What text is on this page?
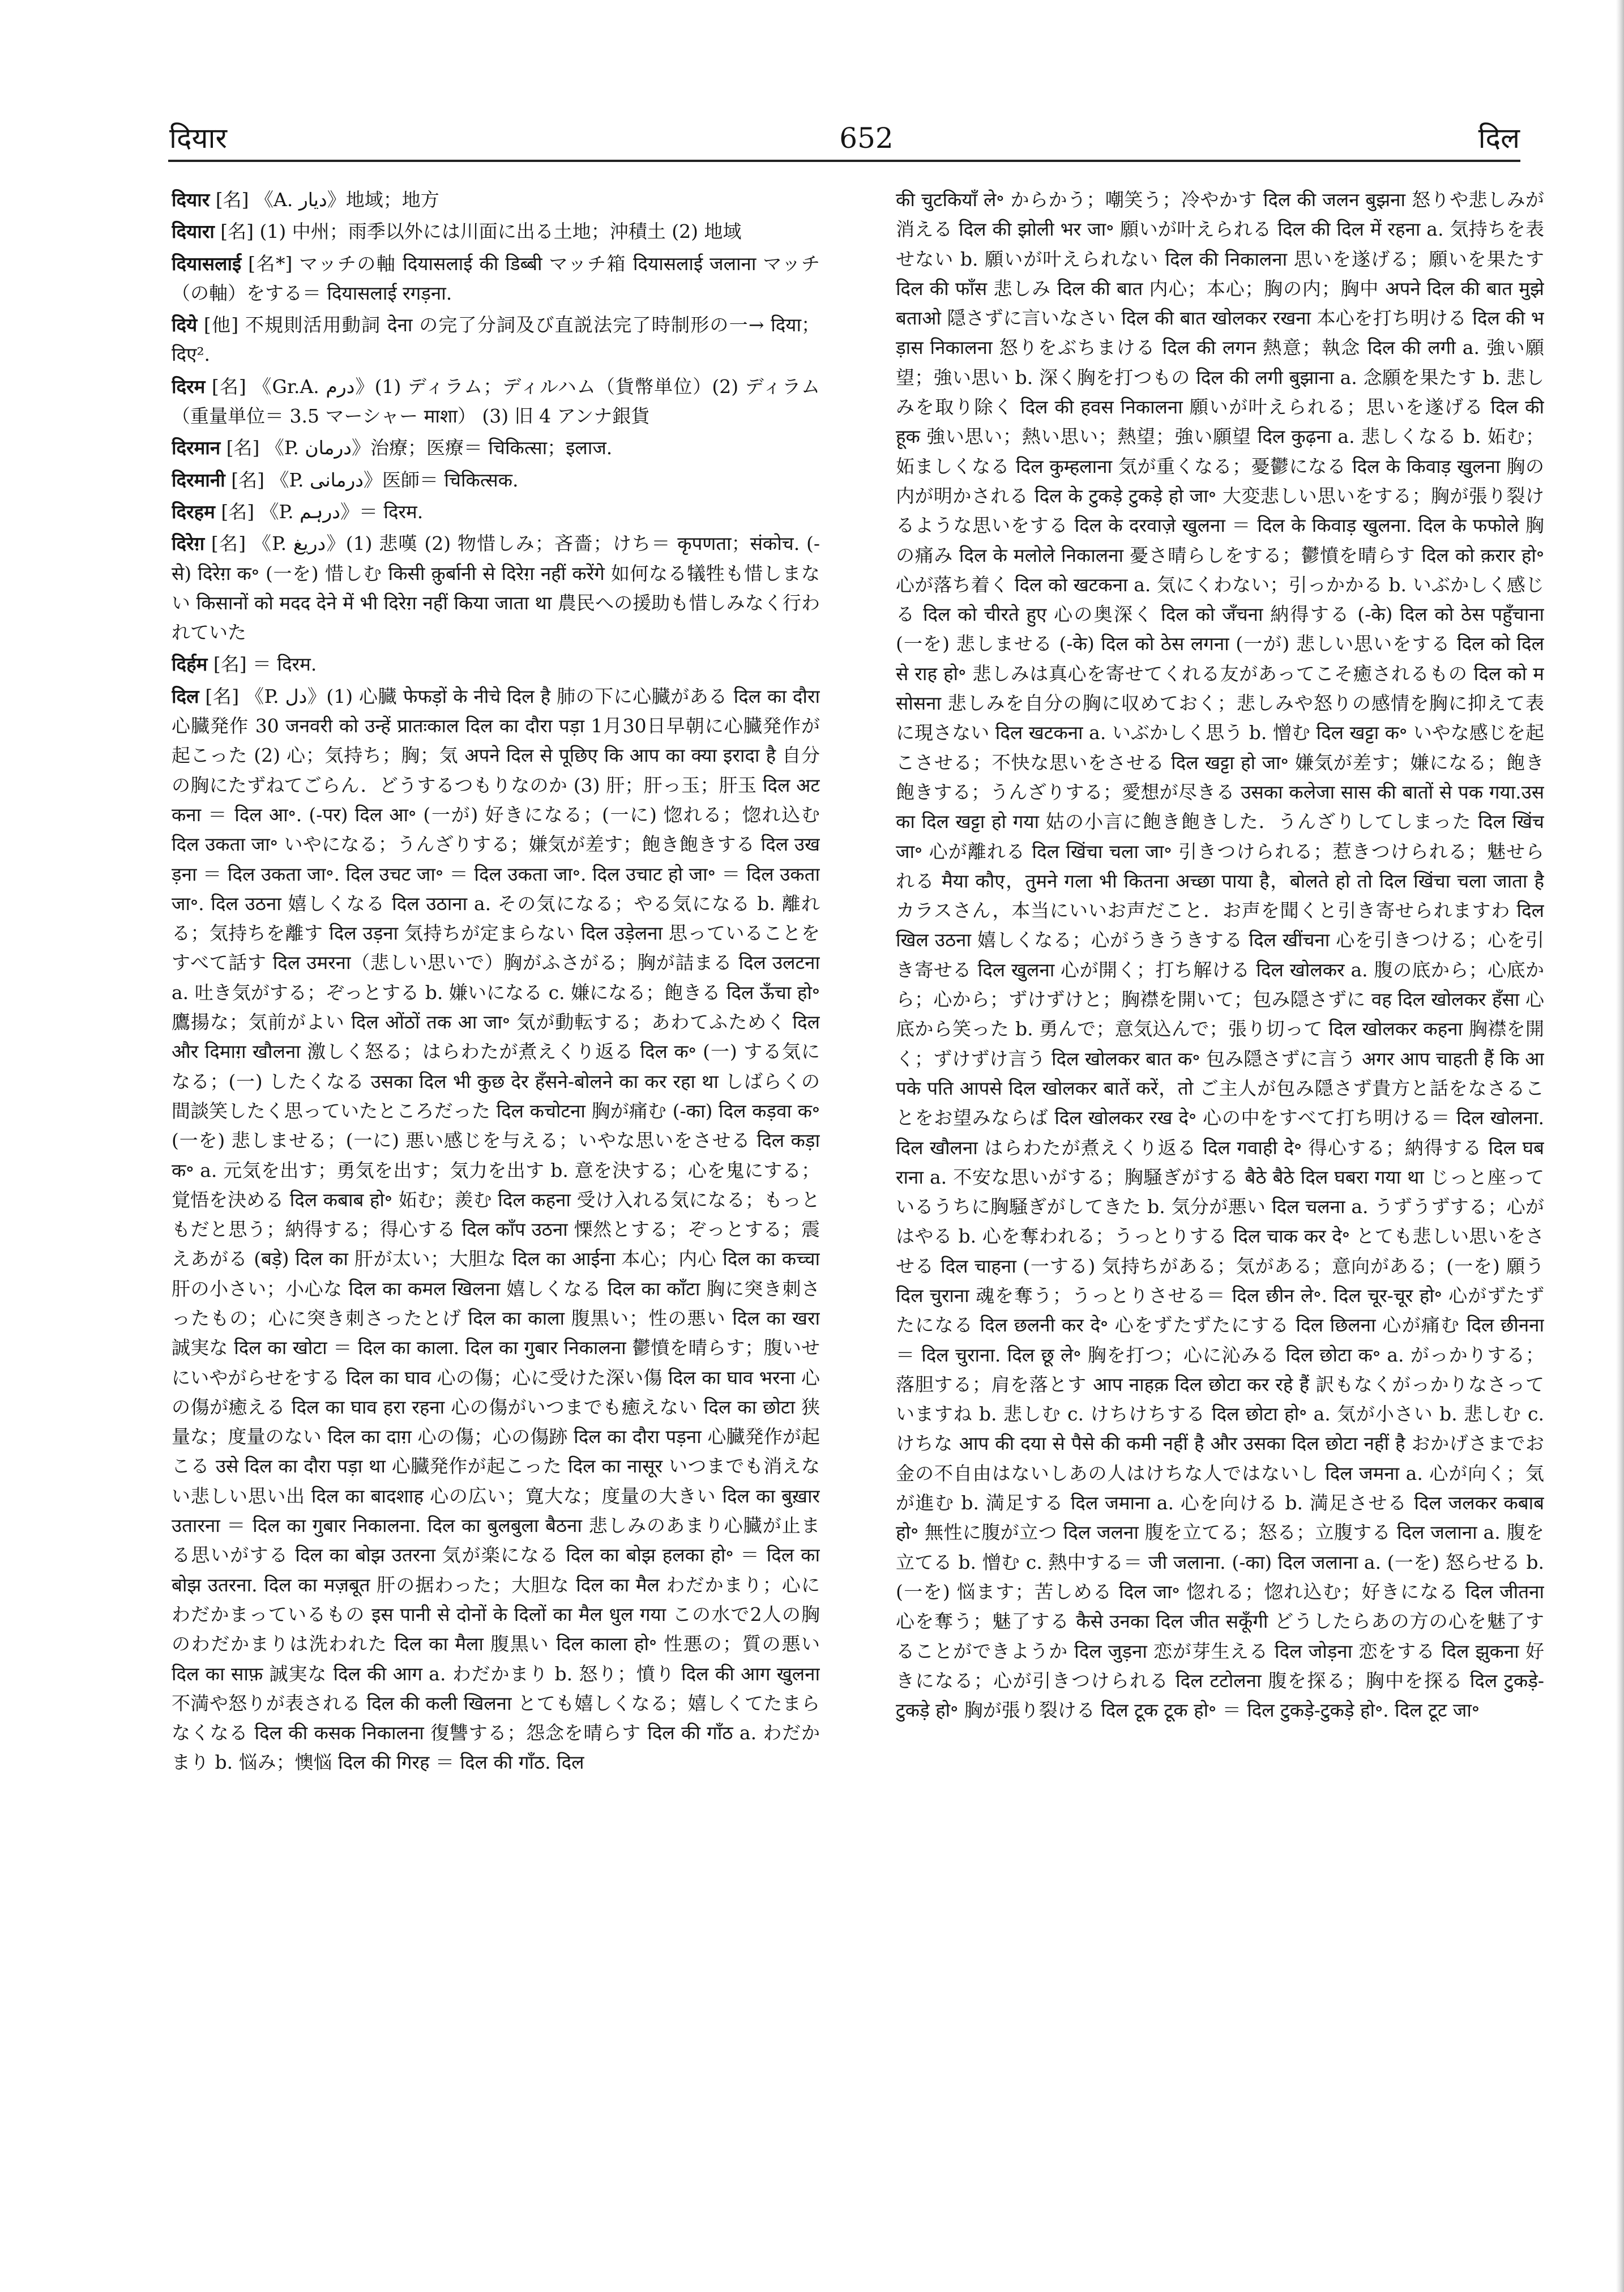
दियार	652	दिल
दियार [名] 《A. دیار》地域；地方
दियारा [名] (1) 中州；雨季以外には川面に出る土地；沖積土 (2) 地域
दियासलाई [名*] マッチの軸 दियासलाई की डिब्बी マッチ箱 दियासलाई जलाना マッチ（の軸）をする＝ दियासलाई रगड़ना.
दिये [他] 不規則活用動詞 देना の完了分詞及び直説法完了時制形の一→ दिया；दिए².
दिरम [名] 《Gr.A. درم》(1) ディラム；ディルハム（貨幣単位）(2) ディラム（重量単位＝ 3.5 マーシャー माशा） (3) 旧 4 アンナ銀貨
दिरमान [名] 《P. درمان》治療；医療＝ चिकित्सा；इलाज.
दिरमानी [名] 《P. درمانی》医師＝ चिकित्सक.
दिरहम [名] 《P. درہم》＝ दिरम.
दिरेग़ [名] 《P. دریغ》(1) 悲嘆 (2) 物惜しみ；吝嗇；けち＝ कृपणता；संकोच. (-से) दिरेग़ क॰ (一を) 惜しむ किसी क़ुर्बानी से दिरेग़ नहीं करेंगे 如何なる犠牲も惜しまない किसानों को मदद देने में भी दिरेग़ नहीं किया जाता था 農民への援助も惜しみなく行われていた
दिर्हम [名] ＝ दिरम.
दिल [名] 《P. دل》(1) 心臓 फेफड़ों के नीचे दिल है 肺の下に心臓がある दिल का दौरा 心臓発作 30 जनवरी को उन्हें प्रातःकाल दिल का दौरा पड़ा 1月30日早朝に心臓発作が起こった (2) 心；気持ち；胸；気 अपने दिल से पूछिए कि आप का क्या इरादा है 自分の胸にたずねてごらん．どうするつもりなのか (3) 肝；肝っ玉；肝玉 दिल अटकना ＝ दिल आ॰. (-पर) दिल आ॰ (一が) 好きになる；(一に) 惚れる；惚れ込む दिल उकता जा॰ いやになる；うんざりする；嫌気が差す；飽き飽きする दिल उखड़ना ＝ दिल उकता जा॰. दिल उचट जा॰ ＝ दिल उकता जा॰. दिल उचाट हो जा॰ ＝ दिल उकता जा॰. दिल उठना 嬉しくなる दिल उठाना a. その気になる；やる気になる b. 離れる；気持ちを離す दिल उड़ना 気持ちが定まらない दिल उड़ेलना 思っていることをすべて話す दिल उमरना（悲しい思いで）胸がふさがる；胸が詰まる दिल उलटना a. 吐き気がする；ぞっとする b. 嫌いになる c. 嫌になる；飽きる दिल ऊँचा हो॰ 鷹揚な；気前がよい दिल ओंठों तक आ जा॰ 気が動転する；あわてふためく दिल और दिमाग़ खौलना 激しく怒る；はらわたが煮えくり返る दिल क॰ (一) する気になる；(一) したくなる उसका दिल भी कुछ देर हँसने-बोलने का कर रहा था しばらくの間談笑したく思っていたところだった दिल कचोटना 胸が痛む (-का) दिल कड़वा क॰ (一を) 悲しませる；(一に) 悪い感じを与える；いやな思いをさせる दिल कड़ा क॰ a. 元気を出す；勇気を出す；気力を出す b. 意を決する；心を鬼にする；覚悟を決める दिल कबाब हो॰ 妬む；羨む दिल कहना 受け入れる気になる；もっともだと思う；納得する；得心する दिल काँप उठना 慄然とする；ぞっとする；震えあがる (बड़े) दिल का 肝が太い；大胆な दिल का आईना 本心；内心 दिल का कच्चा 肝の小さい；小心な दिल का कमल खिलना 嬉しくなる दिल का काँटा 胸に突き刺さったもの；心に突き刺さったとげ दिल का काला 腹黒い；性の悪い दिल का खरा 誠実な दिल का खोटा ＝ दिल का काला. दिल का गुबार निकालना 鬱憤を晴らす；腹いせにいやがらせをする दिल का घाव 心の傷；心に受けた深い傷 दिल का घाव भरना 心の傷が癒える दिल का घाव हरा रहना 心の傷がいつまでも癒えない दिल का छोटा 狭量な；度量のない दिल का दाग़ 心の傷；心の傷跡 दिल का दौरा पड़ना 心臓発作が起こる उसे दिल का दौरा पड़ा था 心臓発作が起こった दिल का नासूर いつまでも消えない悲しい思い出 दिल का बादशाह 心の広い；寛大な；度量の大きい दिल का बुख़ार उतारना ＝ दिल का गुबार निकालना. दिल का बुलबुला बैठना 悲しみのあまり心臓が止まる思いがする दिल का बोझ उतरना 気が楽になる दिल का बोझ हलका हो॰ ＝ दिल का बोझ उतरना. दिल का मज़बूत 肝の据わった；大胆な दिल का मैल わだかまり；心にわだかまっているもの इस पानी से दोनों के दिलों का मैल धुल गया この水で2人の胸のわだかまりは洗われた दिल का मैला 腹黒い दिल काला हो॰ 性悪の；質の悪い दिल का साफ़ 誠実な दिल की आग a. わだかまり b. 怒り；憤り दिल की आग खुलना 不満や怒りが表される दिल की कली खिलना とても嬉しくなる；嬉しくてたまらなくなる दिल की कसक निकालना 復讐する；怨念を晴らす दिल की गाँठ a. わだかまり b. 悩み；懊悩 दिल की गिरह ＝ दिल की गाँठ. दिल
की चुटकियाँ ले॰ からかう；嘲笑う；冷やかす दिल की जलन बुझना 怒りや悲しみが消える दिल की झोली भर जा॰ 願いが叶えられる दिल की दिल में रहना a. 気持ちを表せない b. 願いが叶えられない दिल की निकालना 思いを遂げる；願いを果たす दिल की फाँस 悲しみ दिल की बात 内心；本心；胸の内；胸中 अपने दिल की बात मुझे बताओ 隠さずに言いなさい दिल की बात खोलकर रखना 本心を打ち明ける दिल की भड़ास निकालना 怒りをぶちまける दिल की लगन 熱意；執念 दिल की लगी a. 強い願望；強い思い b. 深く胸を打つもの दिल की लगी बुझाना a. 念願を果たす b. 悲しみを取り除く दिल की हवस निकालना 願いが叶えられる；思いを遂げる दिल की हूक 強い思い；熱い思い；熱望；強い願望 दिल कुढ़ना a. 悲しくなる b. 妬む；妬ましくなる दिल कुम्हलाना 気が重くなる；憂鬱になる दिल के किवाड़ खुलना 胸の内が明かされる दिल के टुकड़े टुकड़े हो जा॰ 大変悲しい思いをする；胸が張り裂けるような思いをする दिल के दरवाज़े खुलना ＝ दिल के किवाड़ खुलना. दिल के फफोले 胸の痛み दिल के मलोले निकालना 憂さ晴らしをする；鬱憤を晴らす दिल को क़रार हो॰ 心が落ち着く दिल को खटकना a. 気にくわない；引っかかる b. いぶかしく感じる दिल को चीरते हुए 心の奥深く दिल को जँचना 納得する (-के) दिल को ठेस पहुँचाना (一を) 悲しませる (-के) दिल को ठेस लगना (一が) 悲しい思いをする दिल को दिल से राह हो॰ 悲しみは真心を寄せてくれる友があってこそ癒されるもの दिल को मसोसना 悲しみを自分の胸に収めておく；悲しみや怒りの感情を胸に抑えて表に現さない दिल खटकना a. いぶかしく思う b. 憎む दिल खट्टा क॰ いやな感じを起こさせる；不快な思いをさせる दिल खट्टा हो जा॰ 嫌気が差す；嫌になる；飽き飽きする；うんざりする；愛想が尽きる उसका कलेजा सास की बातों से पक गया.उसका दिल खट्टा हो गया 姑の小言に飽き飽きした．うんざりしてしまった दिल खिंच जा॰ 心が離れる दिल खिंचा चला जा॰ 引きつけられる；惹きつけられる；魅せられる मैया कौए，तुमने गला भी कितना अच्छा पाया है，बोलते हो तो दिल खिंचा चला जाता है カラスさん，本当にいいお声だこと．お声を聞くと引き寄せられますわ दिल खिल उठना 嬉しくなる；心がうきうきする दिल खींचना 心を引きつける；心を引き寄せる दिल खुलना 心が開く；打ち解ける दिल खोलकर a. 腹の底から；心底から；心から；ずけずけと；胸襟を開いて；包み隠さずに वह दिल खोलकर हँसा 心底から笑った b. 勇んで；意気込んで；張り切って दिल खोलकर कहना 胸襟を開く；ずけずけ言う दिल खोलकर बात क॰ 包み隠さずに言う अगर आप चाहती हैं कि आपके पति आपसे दिल खोलकर बातें करें，तो ご主人が包み隠さず貴方と話をなさることをお望みならば दिल खोलकर रख दे॰ 心の中をすべて打ち明ける＝ दिल खोलना. दिल खौलना はらわたが煮えくり返る दिल गवाही दे॰ 得心する；納得する दिल घबराना a. 不安な思いがする；胸騒ぎがする बैठे बैठे दिल घबरा गया था じっと座っているうちに胸騒ぎがしてきた b. 気分が悪い दिल चलना a. うずうずする；心がはやる b. 心を奪われる；うっとりする दिल चाक कर दे॰ とても悲しい思いをさせる दिल चाहना (一する) 気持ちがある；気がある；意向がある；(一を) 願う दिल चुराना 魂を奪う；うっとりさせる＝ दिल छीन ले॰. दिल चूर-चूर हो॰ 心がずたずたになる दिल छलनी कर दे॰ 心をずたずたにする दिल छिलना 心が痛む दिल छीनना ＝ दिल चुराना. दिल छू ले॰ 胸を打つ；心に沁みる दिल छोटा क॰ a. がっかりする；落胆する；肩を落とす आप नाहक़ दिल छोटा कर रहे हैं 訳もなくがっかりなさっていますね b. 悲しむ c. けちけちする दिल छोटा हो॰ a. 気が小さい b. 悲しむ c. けちな आप की दया से पैसे की कमी नहीं है और उसका दिल छोटा नहीं है おかげさまでお金の不自由はないしあの人はけちな人ではないし दिल जमना a. 心が向く；気が進む b. 満足する दिल जमाना a. 心を向ける b. 満足させる दिल जलकर कबाब हो॰ 無性に腹が立つ दिल जलना 腹を立てる；怒る；立腹する दिल जलाना a. 腹を立てる b. 憎む c. 熱中する＝ जी जलाना. (-का) दिल जलाना a. (一を) 怒らせる b. (一を) 悩ます；苦しめる दिल जा॰ 惚れる；惚れ込む；好きになる दिल जीतना 心を奪う；魅了する कैसे उनका दिल जीत सकूँगी どうしたらあの方の心を魅了することができようか दिल जुड़ना 恋が芽生える दिल जोड़ना 恋をする दिल झुकना 好きになる；心が引きつけられる दिल टटोलना 腹を探る；胸中を探る दिल टुकड़े-टुकड़े हो॰ 胸が張り裂ける दिल टूक टूक हो॰ ＝ दिल टुकड़े-टुकड़े हो॰. दिल टूट जा॰
